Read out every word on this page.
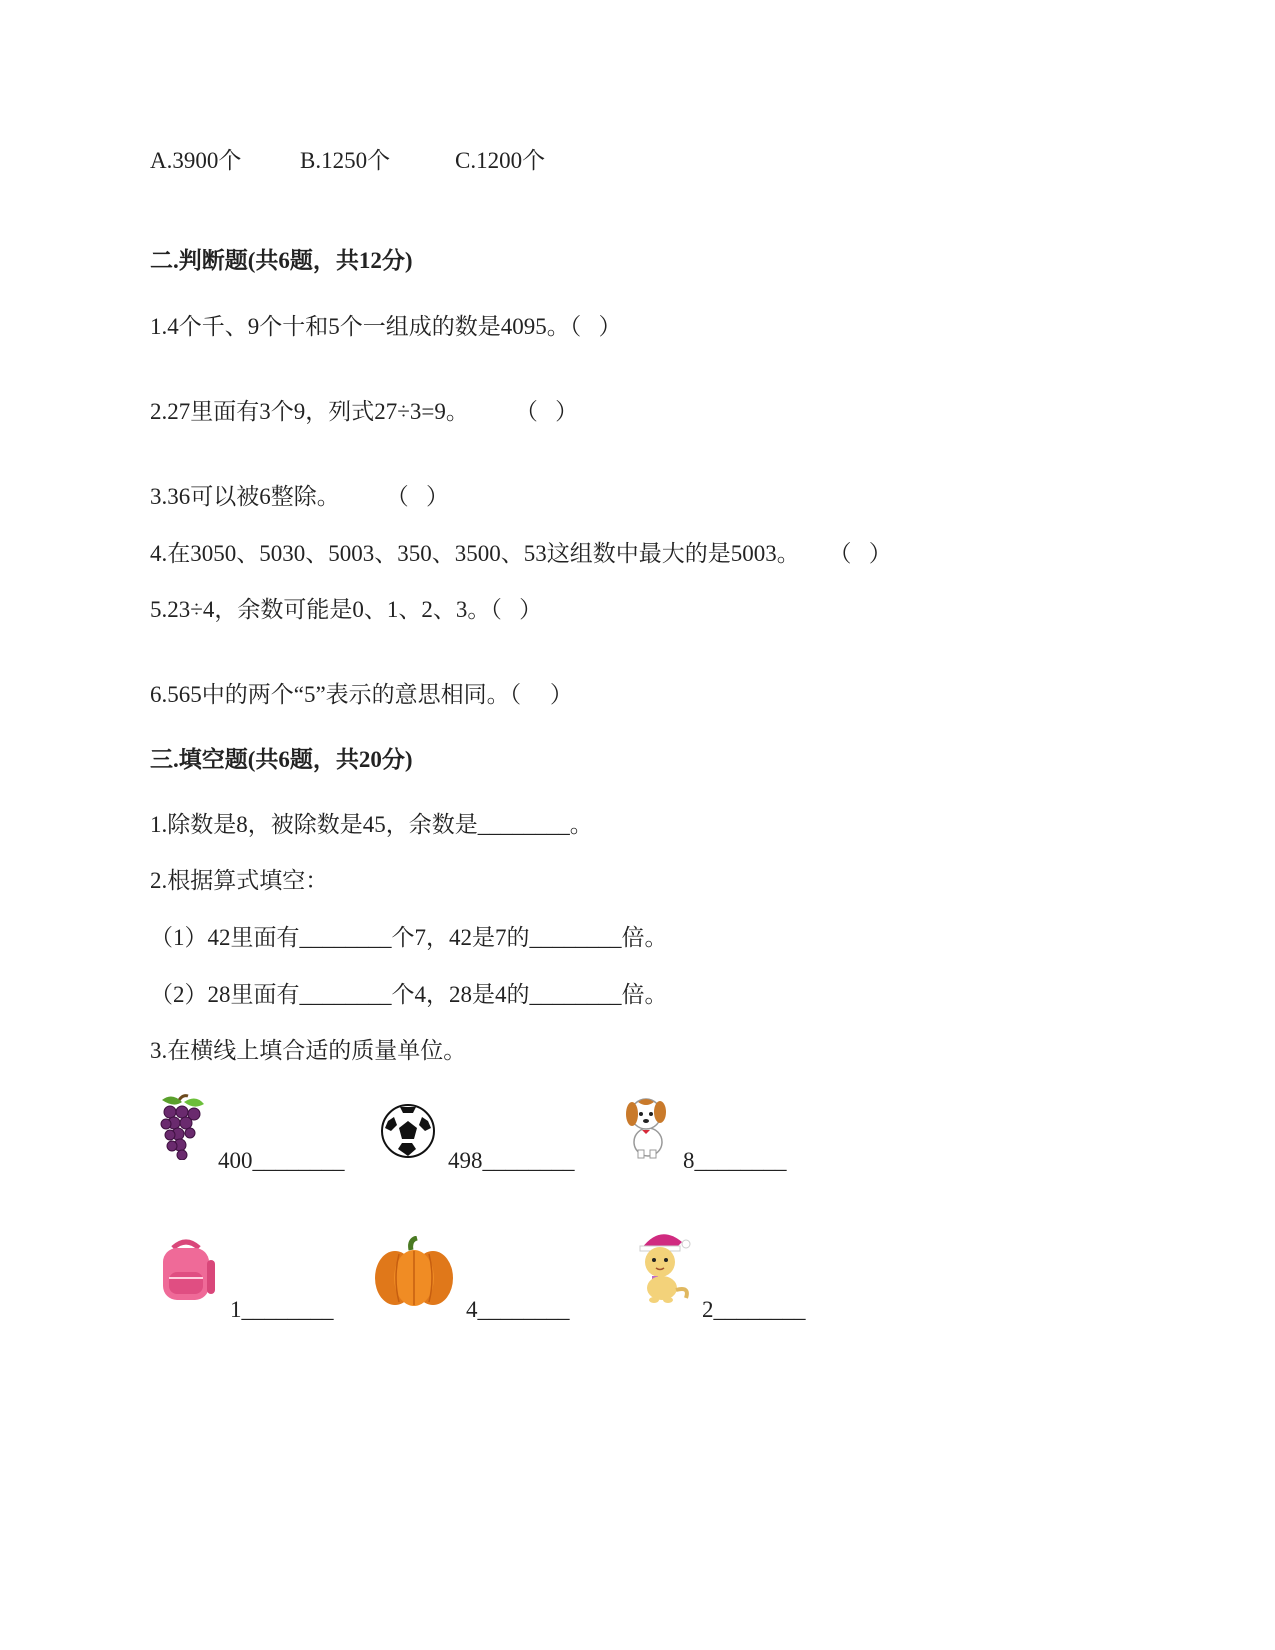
A.3900个	B.1250个	C.1200个
二.判断题(共6题，共12分)
1.4个千、9个十和5个一组成的数是4095。（   ）
2.27里面有3个9，列式27÷3=9。        （   ）
3.36可以被6整除。        （   ）
4.在3050、5030、5003、350、3500、53这组数中最大的是5003。     （   ）
5.23÷4，余数可能是0、1、2、3。（   ）
6.565中的两个“5”表示的意思相同。（     ）
三.填空题(共6题，共20分)
1.除数是8，被除数是45，余数是________。
2.根据算式填空：
（1）42里面有________个7，42是7的________倍。
（2）28里面有________个4，28是4的________倍。
3.在横线上填合适的质量单位。
400________	498________	8________
1________	4________	2________
